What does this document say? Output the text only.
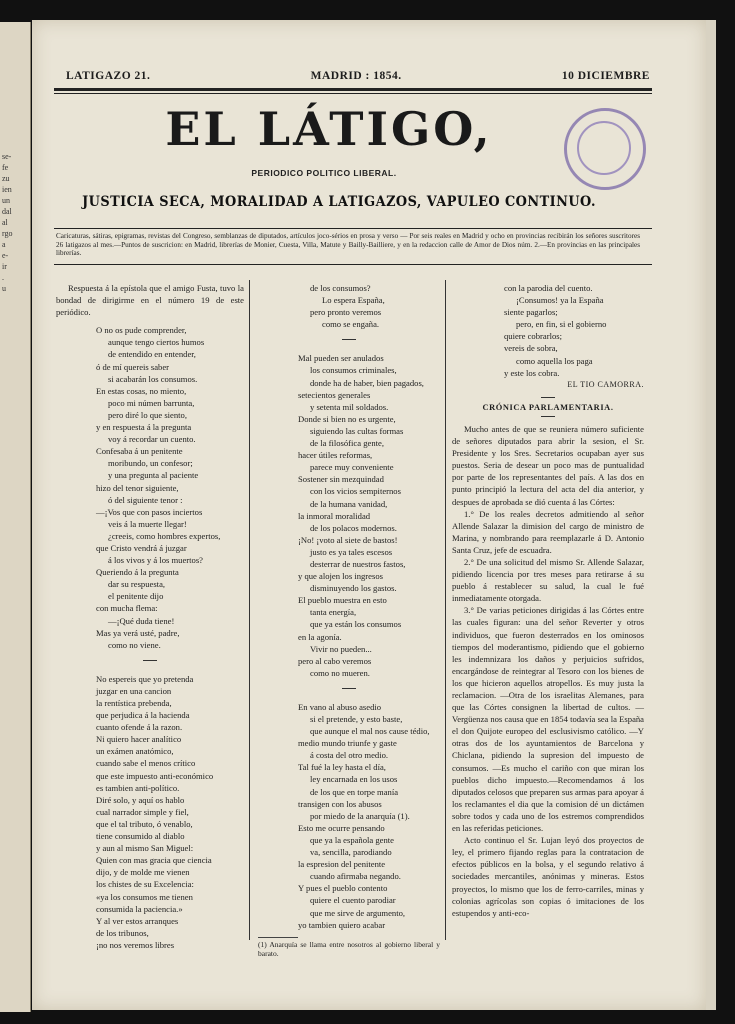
se-
fe
zu
ien
un
dal
al
rgo
a
e-
ir
.
u
LATIGAZO 21.	MADRID : 1854.	10 DICIEMBRE
EL LÁTIGO,
PERIODICO POLITICO LIBERAL.
JUSTICIA SECA, MORALIDAD A LATIGAZOS, VAPULEO CONTINUO.
Caricaturas, sátiras, epigramas, revistas del Congreso, semblanzas de diputados, artículos joco-sérios en prosa y verso — Por seis reales en Madrid y ocho en provincias recibirán los señores suscritores 26 latigazos al mes.—Puntos de suscricion: en Madrid, librerías de Monier, Cuesta, Villa, Matute y Bailly-Bailliere, y en la redaccion calle de Amor de Dios núm. 2.—En provincias en las principales librerías.

Respuesta á la epístola que el amigo Fusta, tuvo la bondad de dirigirme en el número 19 de este periódico.

O no os pude comprender,

aunque tengo ciertos humos

de entendido en entender,

ó de mí quereis saber

si acabarán los consumos.

En estas cosas, no miento,

poco mi númen barrunta,

pero diré lo que siento,

y en respuesta á la pregunta

voy á recordar un cuento.

Confesaba á un penitente

moribundo, un confesor;

y una pregunta al paciente

hizo del tenor siguiente,

ó del siguiente tenor :

—¡Vos que con pasos inciertos

veis á la muerte llegar!

¿creeis, como hombres expertos,

que Cristo vendrá á juzgar

á los vivos y á los muertos?

Queriendo á la pregunta

dar su respuesta,

el penitente dijo

con mucha flema:

—¡Qué duda tiene!

Mas ya verá usté, padre,

como no viene.

No espereis que yo pretenda

juzgar en una cancion

la rentística prebenda,

que perjudica á la hacienda

cuanto ofende á la razon.

Ni quiero hacer analítico

un exámen anatómico,

cuando sabe el menos crítico

que este impuesto anti-económico

es tambien anti-político.

Diré solo, y aquí os hablo

cual narrador simple y fiel,

que el tal tributo, ó venablo,

tiene consumido al diablo

y aun al mismo San Miguel:

Quien con mas gracia que ciencia

dijo, y de molde me vienen

los chistes de su Excelencia:

«ya los consumos me tienen

consumida la paciencia.»

Y al ver estos arranques

de los tribunos,

¡no nos veremos libres

de los consumos?

Lo espera España,

pero pronto veremos

como se engaña.

Mal pueden ser anulados

los consumos criminales,

donde ha de haber, bien pagados,

setecientos generales

y setenta mil soldados.

Donde si bien no es urgente,

siguiendo las cultas formas

de la filosófica gente,

hacer útiles reformas,

parece muy conveniente

Sostener sin mezquindad

con los vicios sempiternos

de la humana vanidad,

la inmoral moralidad

de los polacos modernos.

¡No! ¡voto al siete de bastos!

justo es ya tales escesos

desterrar de nuestros fastos,

y que alojen los ingresos

disminuyendo los gastos.

El pueblo muestra en esto

tanta energía,

que ya están los consumos

en la agonía.

Vivir no pueden...

pero al cabo veremos

como no mueren.

En vano al abuso asedio

si el pretende, y esto baste,

que aunque el mal nos cause tédio,

medio mundo triunfe y gaste

á costa del otro medio.

Tal fué la ley hasta el día,

ley encarnada en los usos

de los que en torpe manía

transigen con los abusos

por miedo de la anarquía (1).

Esto me ocurre pensando

que ya la española gente

va, sencilla, parodiando

la espresion del penitente

cuando afirmaba negando.

Y pues el pueblo contento

quiere el cuento parodiar

que me sirve de argumento,

yo tambien quiero acabar

(1) Anarquía se llama entre nosotros al gobierno liberal y barato.

con la parodia del cuento.

¡Consumos! ya la España

siente pagarlos;

pero, en fin, si el gobierno

quiere cobrarlos;

vereis de sobra,

como aquella los paga

y este los cobra.

EL TIO CAMORRA.

CRÓNICA PARLAMENTARIA.

Mucho antes de que se reuniera número suficiente de señores diputados para abrir la sesion, el Sr. Presidente y los Sres. Secretarios ocupaban ayer sus puestos. Seria de desear un poco mas de puntualidad por parte de los representantes del país. A las dos en punto principió la lectura del acta del dia anterior, y despues de aprobada se dió cuenta á las Córtes:

1.° De los reales decretos admitiendo al señor Allende Salazar la dimision del cargo de ministro de Marina, y nombrando para reemplazarle á D. Antonio Santa Cruz, jefe de escuadra.

2.° De una solicitud del mismo Sr. Allende Salazar, pidiendo licencia por tres meses para retirarse á su pueblo á restablecer su salud, la cual le fué inmediatamente otorgada.

3.° De varias peticiones dirigidas á las Córtes entre las cuales figuran: una del señor Reverter y otros individuos, que fueron desterrados en los ominosos tiempos del moderantismo, pidiendo que el gobierno les indemnizara los daños y perjuicios sufridos, encargándose de reintegrar al Tesoro con los bienes de los que hicieron aquellos atropellos. Es muy justa la reclamacion. —Otra de los israelitas Alemanes, para que las Córtes consignen la libertad de cultos. —Vergüenza nos causa que en 1854 todavía sea la España el don Quijote europeo del esclusivismo católico. —Y otras dos de los ayuntamientos de Barcelona y Chiclana, pidiendo la supresion del impuesto de consumos. —Es mucho el cariño con que miran los pueblos dicho impuesto.—Recomendamos á los diputados celosos que preparen sus armas para apoyar á los reclamantes el dia que la comision dé un dictámen sobre todos y cada uno de los estremos comprendidos en las referidas peticiones.

Acto continuo el Sr. Lujan leyó dos proyectos de ley, el primero fijando reglas para la contratacion de efectos públicos en la bolsa, y el segundo relativo á sociedades mercantiles, anónimas y mineras. Estos proyectos, lo mismo que los de ferro-carriles, minas y colonias agrícolas son copias ó imitaciones de los estupendos y anti-eco-
